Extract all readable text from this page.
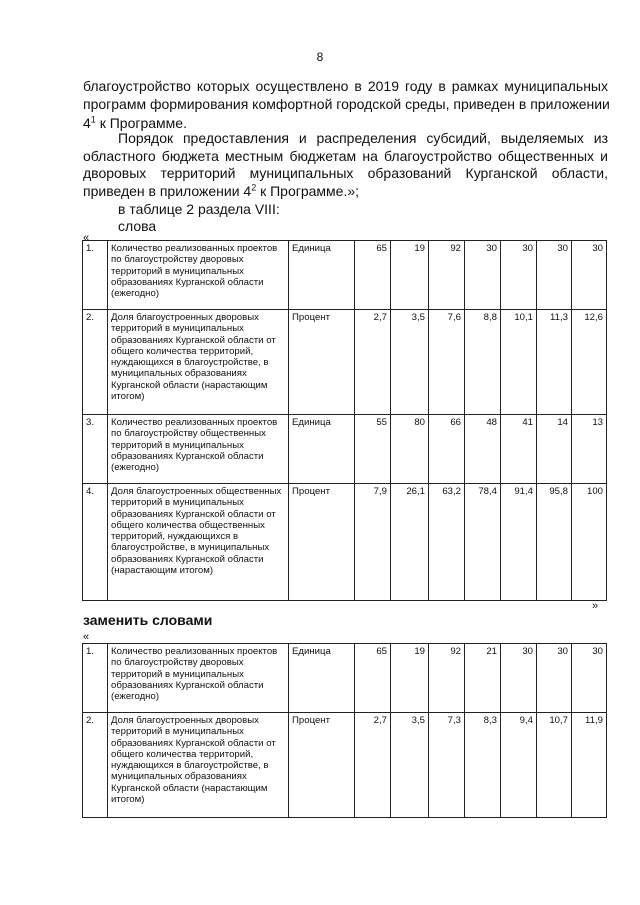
8
благоустройство которых осуществлено в 2019 году в рамках муниципальных
программ формирования комфортной городской среды, приведен в приложении
$4^1$ к Программе.
Порядок предоставления и распределения субсидий, выделяемых из
областного бюджета местным бюджетам на благоустройство общественных и
дворовых территорий муниципальных образований Курганской области,
приведен в приложении $4^2$ к Программе.»;
в таблице 2 раздела VIII:
слова
«
1.	Количество реализованных проектов по благоустройству дворовых территорий в муниципальных образованиях Курганской области (ежегодно)	Единица	65	19	92	30	30	30	30
2.	Доля благоустроенных дворовых территорий в муниципальных образованиях Курганской области от общего количества территорий, нуждающихся в благоустройстве, в муниципальных образованиях Курганской области (нарастающим итогом)	Процент	2,7	3,5	7,6	8,8	10,1	11,3	12,6
3.	Количество реализованных проектов по благоустройству общественных территорий в муниципальных образованиях Курганской области (ежегодно)	Единица	55	80	66	48	41	14	13
4.	Доля благоустроенных общественных территорий в муниципальных образованиях Курганской области от общего количества общественных территорий, нуждающихся в благоустройстве, в муниципальных образованиях Курганской области (нарастающим итогом)	Процент	7,9	26,1	63,2	78,4	91,4	95,8	100
»
заменить словами
«
1.	Количество реализованных проектов по благоустройству дворовых территорий в муниципальных образованиях Курганской области (ежегодно)	Единица	65	19	92	21	30	30	30
2.	Доля благоустроенных дворовых территорий в муниципальных образованиях Курганской области от общего количества территорий, нуждающихся в благоустройстве, в муниципальных образованиях Курганской области (нарастающим итогом)	Процент	2,7	3,5	7,3	8,3	9,4	10,7	11,9
